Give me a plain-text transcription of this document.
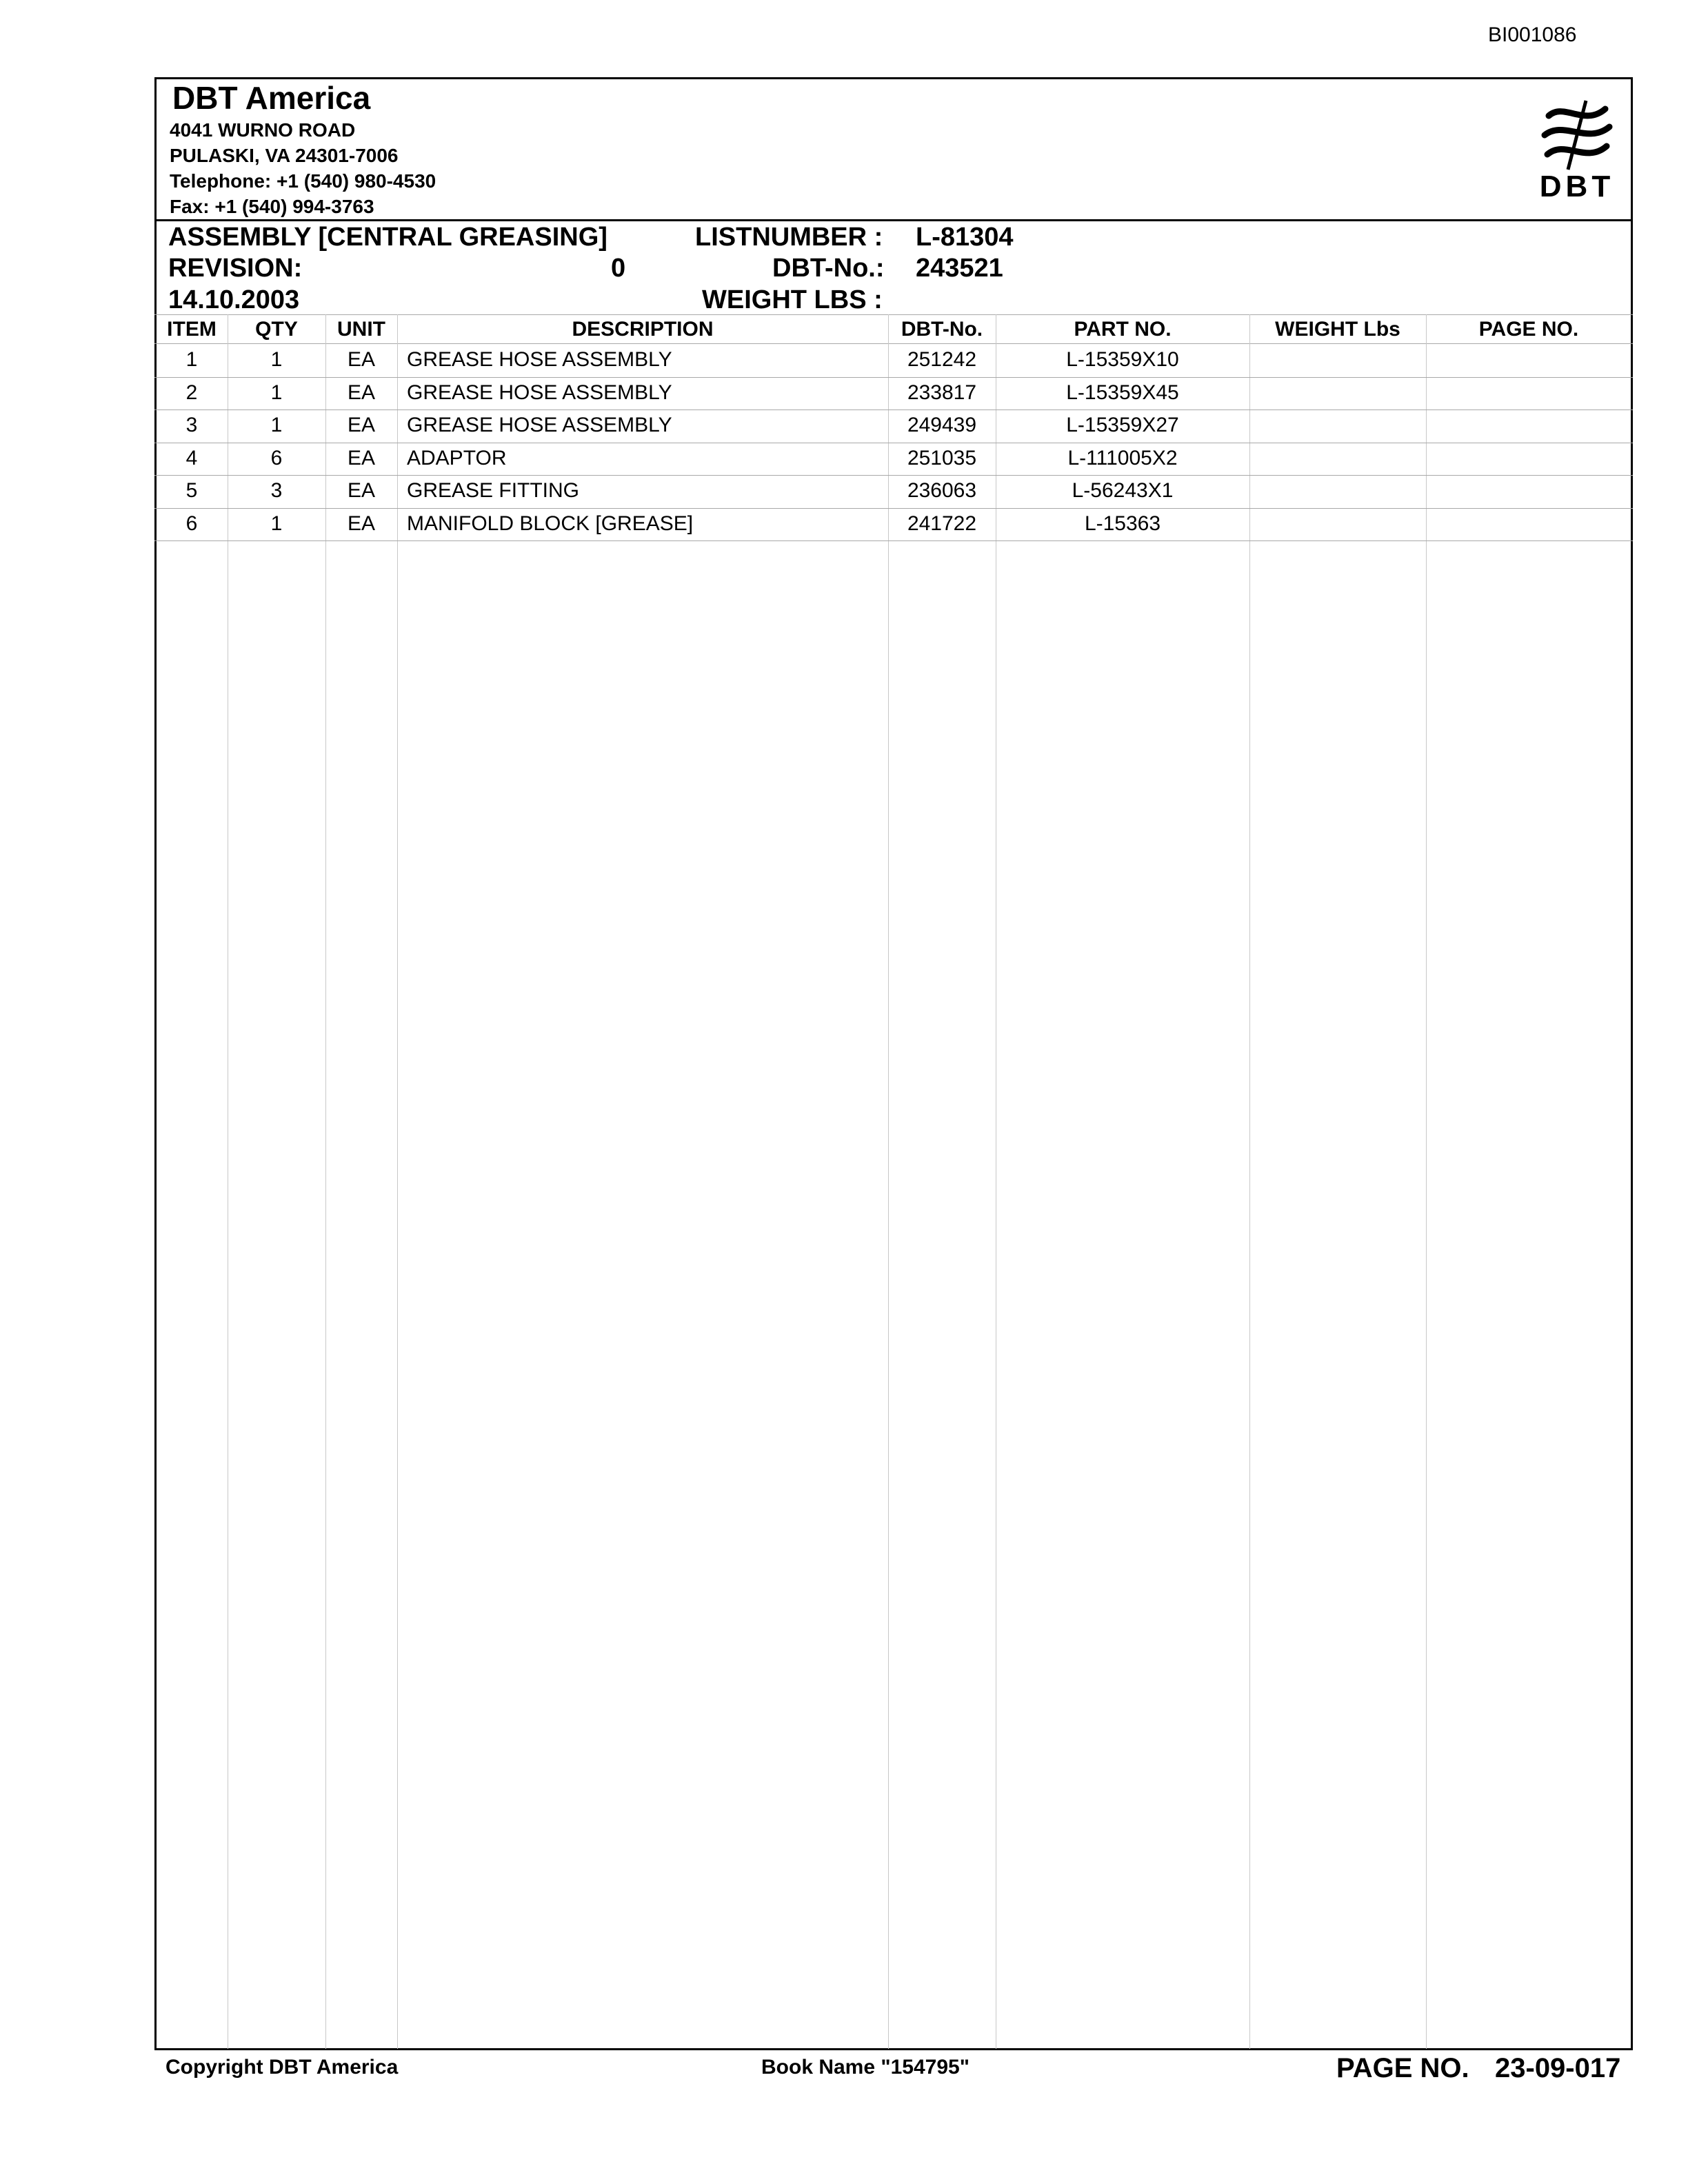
BI001086
DBT America
4041 WURNO ROAD
PULASKI, VA 24301-7006
Telephone: +1 (540) 980-4530
Fax: +1 (540) 994-3763
DBT
ASSEMBLY [CENTRAL GREASING]
REVISION:	0
14.10.2003
LISTNUMBER : L-81304
DBT-No.: 243521
WEIGHT LBS :
ITEM	QTY	UNIT	DESCRIPTION	DBT-No.	PART NO.	WEIGHT Lbs	PAGE NO.
1	1	EA	GREASE HOSE ASSEMBLY	251242	L-15359X10
2	1	EA	GREASE HOSE ASSEMBLY	233817	L-15359X45
3	1	EA	GREASE HOSE ASSEMBLY	249439	L-15359X27
4	6	EA	ADAPTOR	251035	L-111005X2
5	3	EA	GREASE FITTING	236063	L-56243X1
6	1	EA	MANIFOLD BLOCK [GREASE]	241722	L-15363
Copyright DBT America	Book Name "154795"	PAGE NO. 23-09-017
